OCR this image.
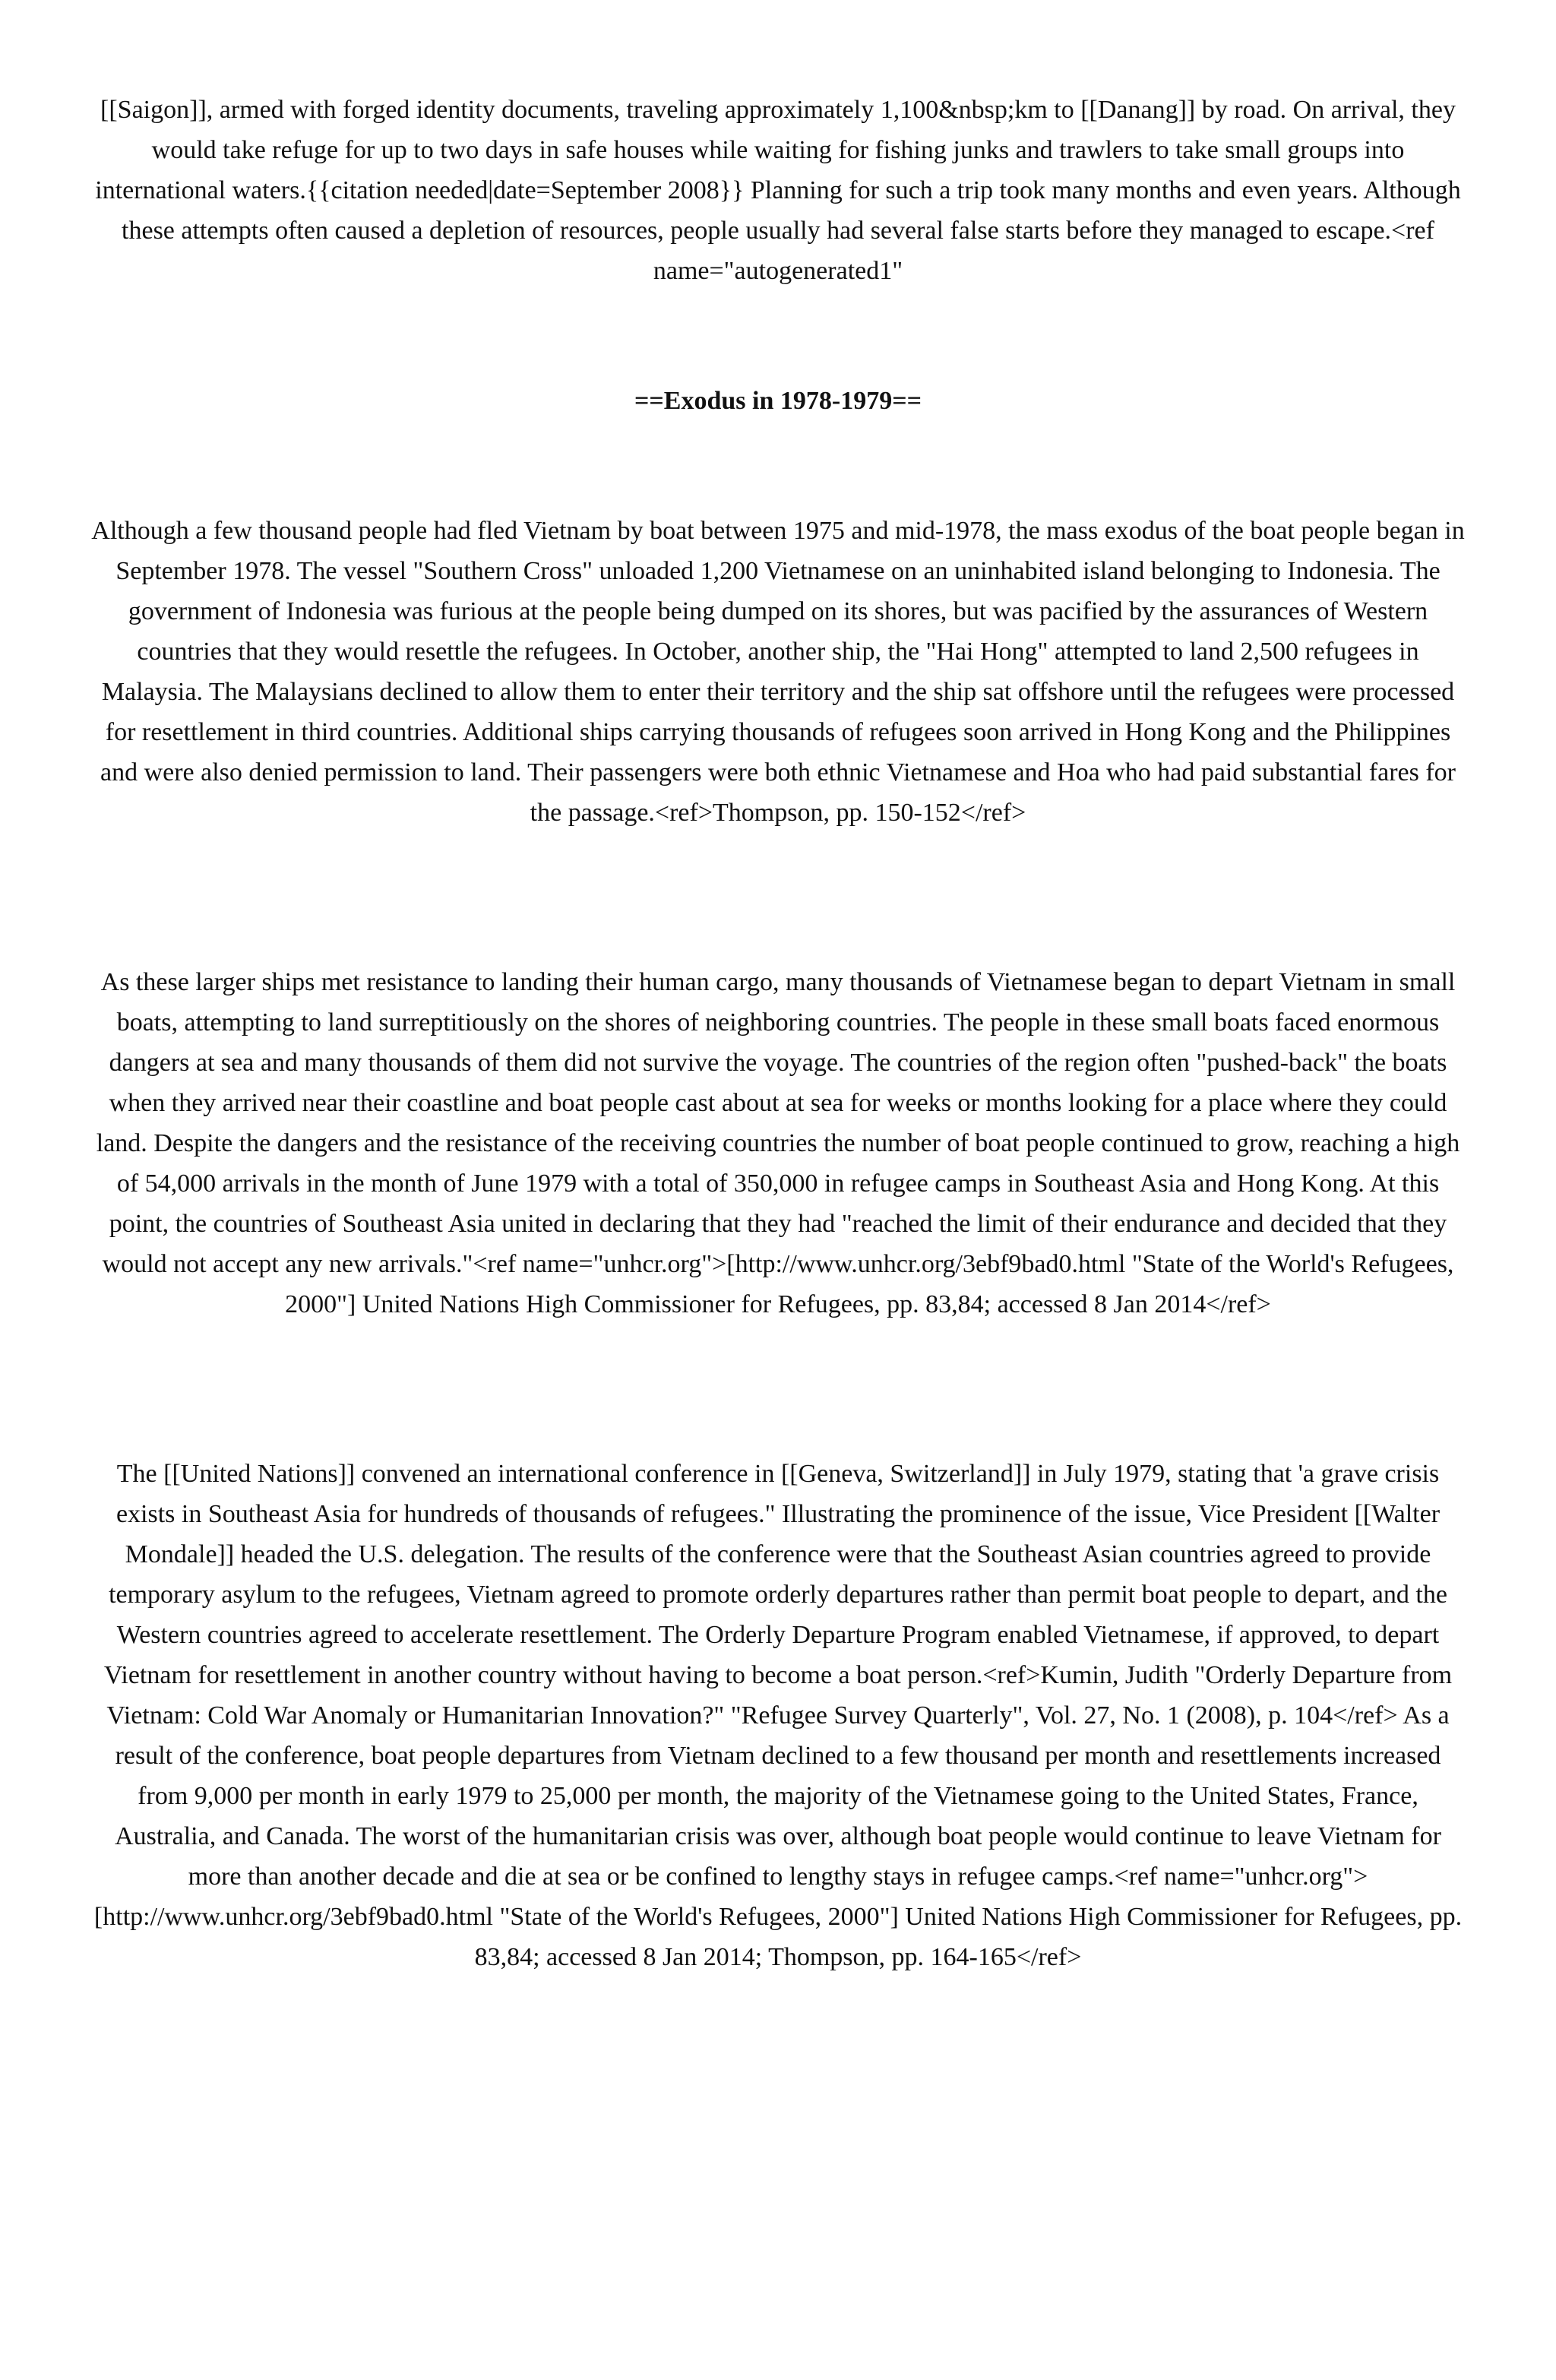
[[Saigon]], armed with forged identity documents, traveling approximately 1,100&nbsp;km to [[Danang]] by road. On arrival, they would take refuge for up to two days in safe houses while waiting for fishing junks and trawlers to take small groups into international waters.{{citation needed|date=September 2008}} Planning for such a trip took many months and even years. Although these attempts often caused a depletion of resources, people usually had several false starts before they managed to escape.<ref name="autogenerated1"

==Exodus in 1978-1979==

Although a few thousand people had fled Vietnam by boat between 1975 and mid-1978, the mass exodus of the boat people began in September 1978. The vessel "Southern Cross" unloaded 1,200 Vietnamese on an uninhabited island belonging to Indonesia. The government of Indonesia was furious at the people being dumped on its shores, but was pacified by the assurances of Western countries that they would resettle the refugees. In October, another ship, the "Hai Hong" attempted to land 2,500 refugees in Malaysia. The Malaysians declined to allow them to enter their territory and the ship sat offshore until the refugees were processed for resettlement in third countries. Additional ships carrying thousands of refugees soon arrived in Hong Kong and the Philippines and were also denied permission to land. Their passengers were both ethnic Vietnamese and Hoa who had paid substantial fares for the passage.<ref>Thompson, pp. 150-152</ref>

As these larger ships met resistance to landing their human cargo, many thousands of Vietnamese began to depart Vietnam in small boats, attempting to land surreptitiously on the shores of neighboring countries. The people in these small boats faced enormous dangers at sea and many thousands of them did not survive the voyage. The countries of the region often "pushed-back" the boats when they arrived near their coastline and boat people cast about at sea for weeks or months looking for a place where they could land. Despite the dangers and the resistance of the receiving countries the number of boat people continued to grow, reaching a high of 54,000 arrivals in the month of June 1979 with a total of 350,000 in refugee camps in Southeast Asia and Hong Kong. At this point, the countries of Southeast Asia united in declaring that they had "reached the limit of their endurance and decided that they would not accept any new arrivals."<ref name="unhcr.org">[http://www.unhcr.org/3ebf9bad0.html "State of the World's Refugees, 2000"] United Nations High Commissioner for Refugees, pp. 83,84; accessed 8 Jan 2014</ref>

The [[United Nations]] convened an international conference in [[Geneva, Switzerland]] in July 1979, stating that 'a grave crisis exists in Southeast Asia for hundreds of thousands of refugees." Illustrating the prominence of the issue, Vice President [[Walter Mondale]] headed the U.S. delegation. The results of the conference were that the Southeast Asian countries agreed to provide temporary asylum to the refugees, Vietnam agreed to promote orderly departures rather than permit boat people to depart, and the Western countries agreed to accelerate resettlement. The Orderly Departure Program enabled Vietnamese, if approved, to depart Vietnam for resettlement in another country without having to become a boat person.<ref>Kumin, Judith "Orderly Departure from Vietnam: Cold War Anomaly or Humanitarian Innovation?" "Refugee Survey Quarterly", Vol. 27, No. 1 (2008), p. 104</ref> As a result of the conference, boat people departures from Vietnam declined to a few thousand per month and resettlements increased from 9,000 per month in early 1979 to 25,000 per month, the majority of the Vietnamese going to the United States, France, Australia, and Canada. The worst of the humanitarian crisis was over, although boat people would continue to leave Vietnam for more than another decade and die at sea or be confined to lengthy stays in refugee camps.<ref name="unhcr.org">[http://www.unhcr.org/3ebf9bad0.html "State of the World's Refugees, 2000"] United Nations High Commissioner for Refugees, pp. 83,84; accessed 8 Jan 2014; Thompson, pp. 164-165</ref>
